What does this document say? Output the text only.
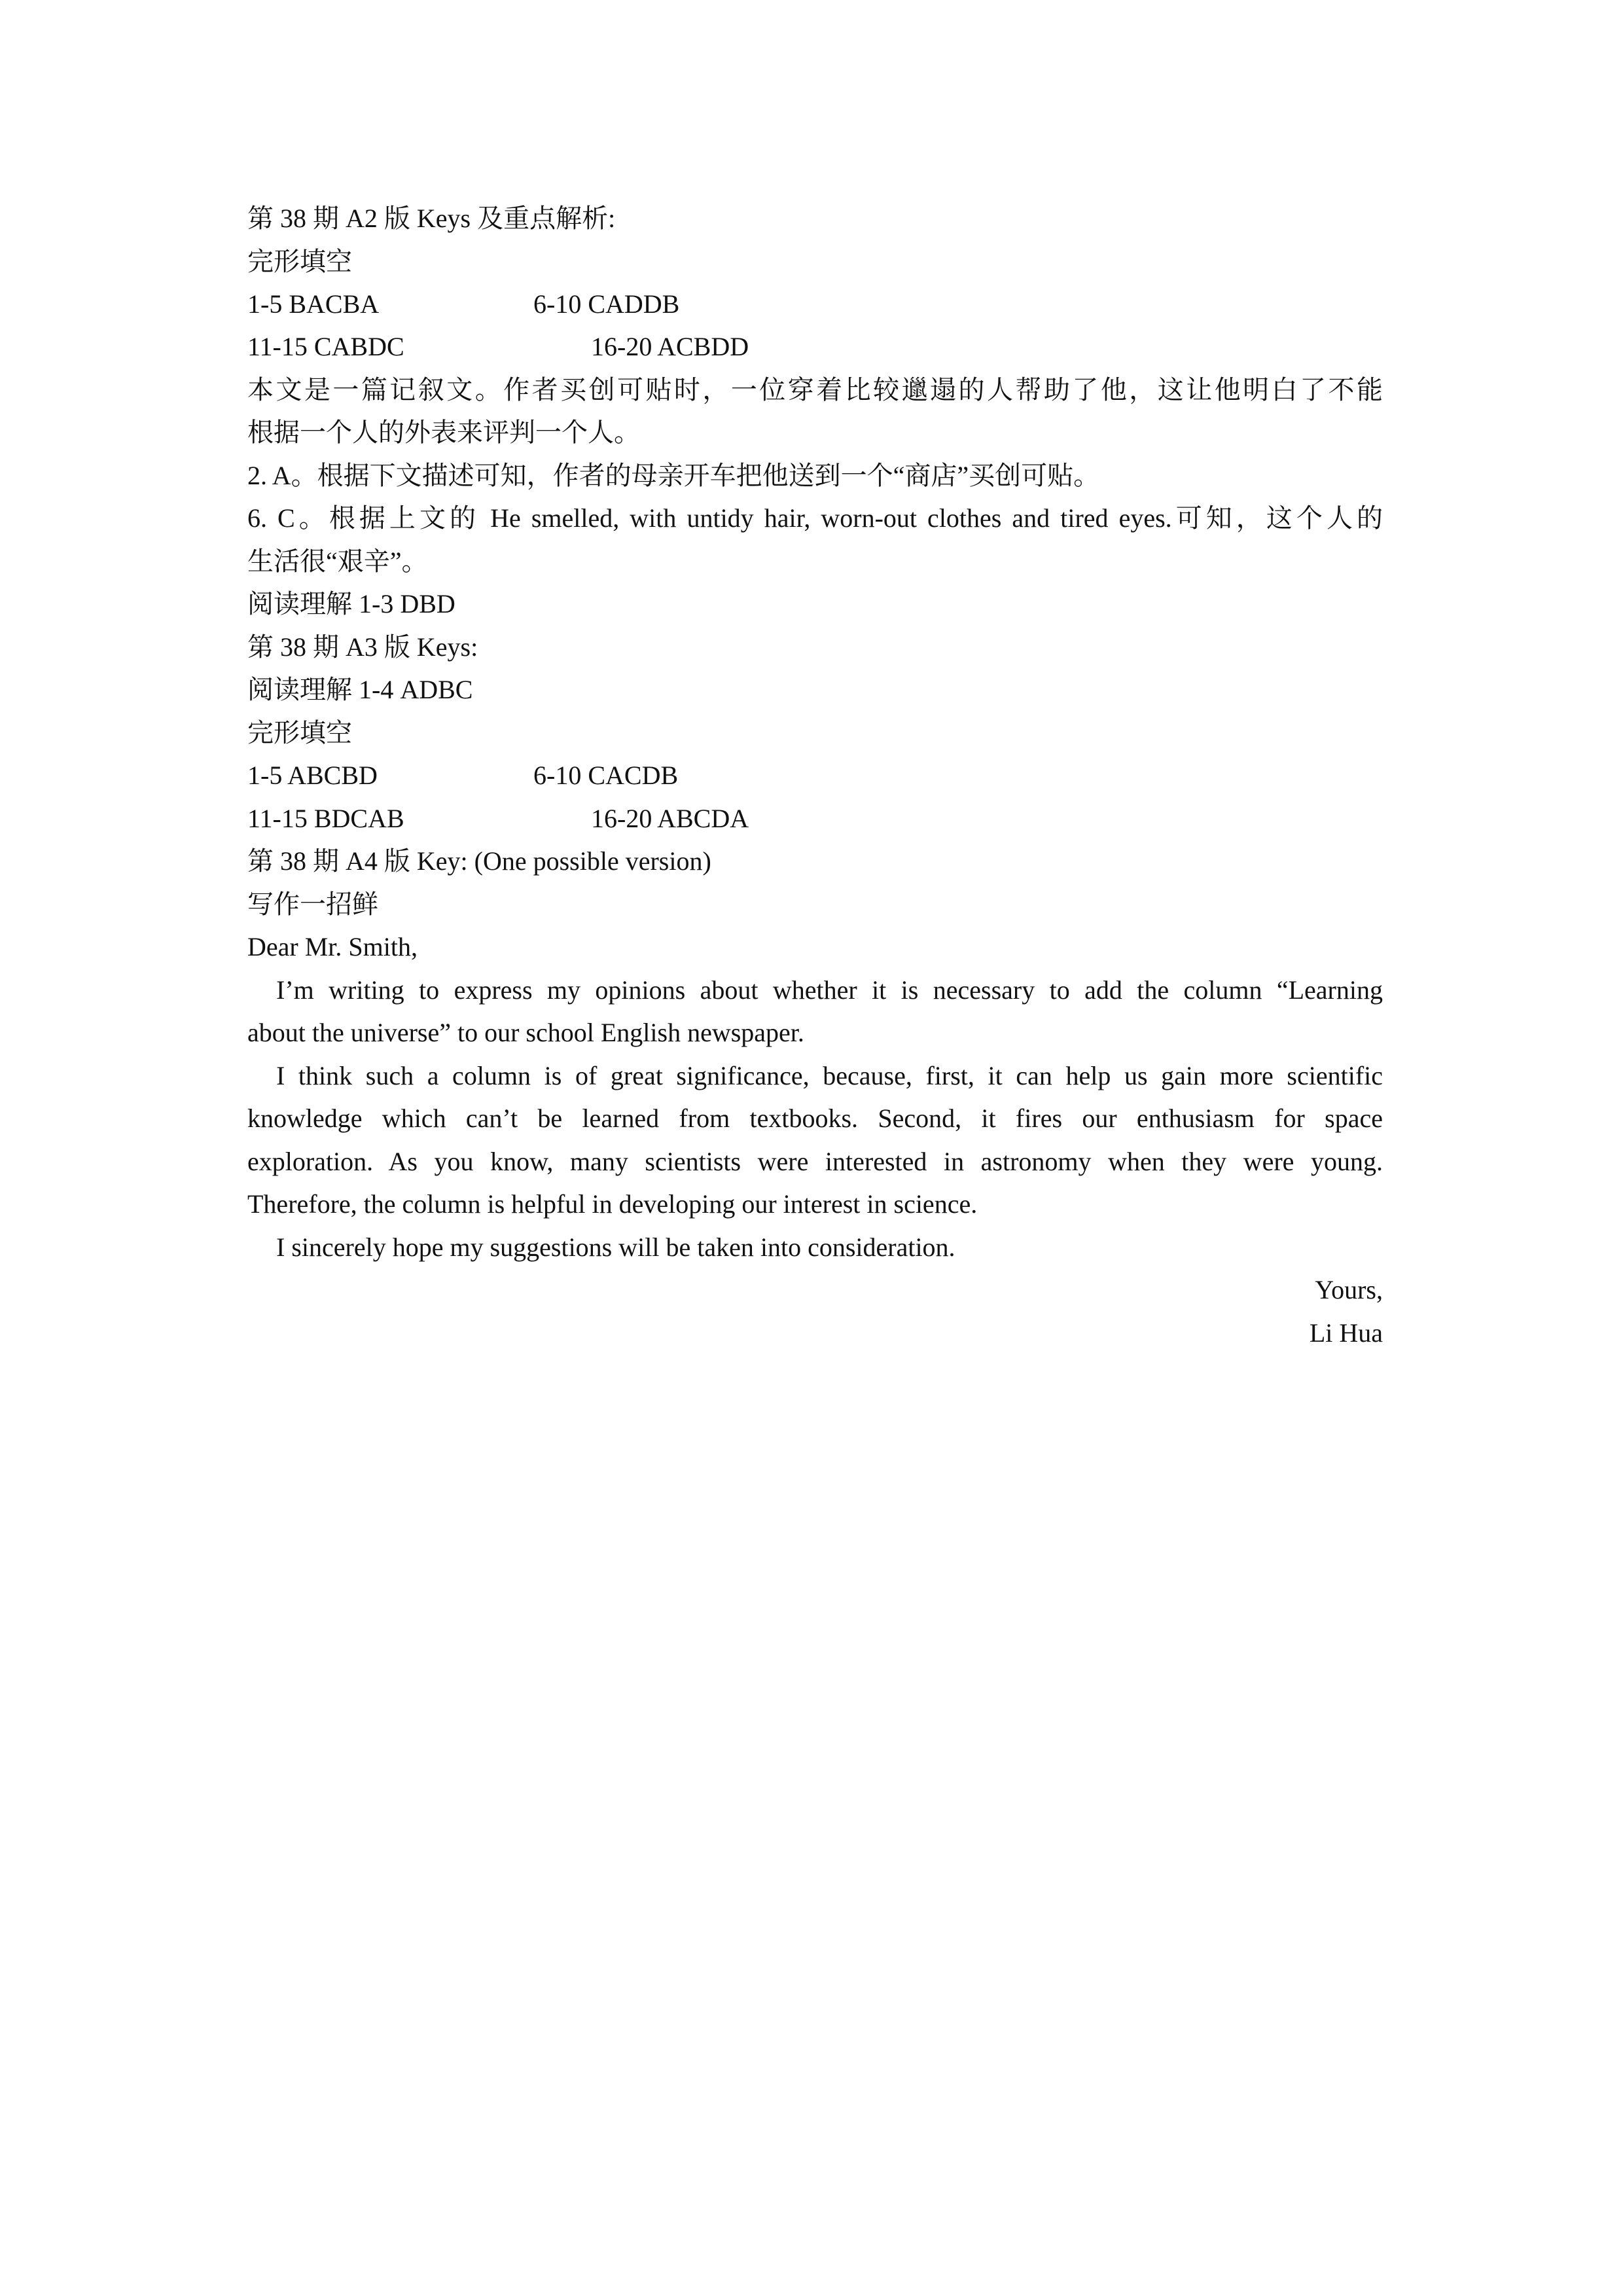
第 38 期 A2 版 Keys 及重点解析:
完形填空
1-5 BACBA	6-10 CADDB
11-15 CABDC	16-20 ACBDD
本文是一篇记叙文。作者买创可贴时，一位穿着比较邋遢的人帮助了他，这让他明白了不能
根据一个人的外表来评判一个人。
2. A。根据下文描述可知，作者的母亲开车把他送到一个“商店”买创可贴。
6. C。根据上文的 He smelled, with untidy hair, worn-out clothes and tired eyes.可知，这个人的
生活很“艰辛”。
阅读理解 1-3 DBD
第 38 期 A3 版 Keys:
阅读理解 1-4 ADBC
完形填空
1-5 ABCBD	6-10 CACDB
11-15 BDCAB	16-20 ABCDA
第 38 期 A4 版 Key: (One possible version)
写作一招鲜
Dear Mr. Smith,
I’m writing to express my opinions about whether it is necessary to add the column “Learning
about the universe” to our school English newspaper.
I think such a column is of great significance, because, first, it can help us gain more scientific
knowledge which can’t be learned from textbooks. Second, it fires our enthusiasm for space
exploration. As you know, many scientists were interested in astronomy when they were young.
Therefore, the column is helpful in developing our interest in science.
I sincerely hope my suggestions will be taken into consideration.
Yours,
Li Hua
